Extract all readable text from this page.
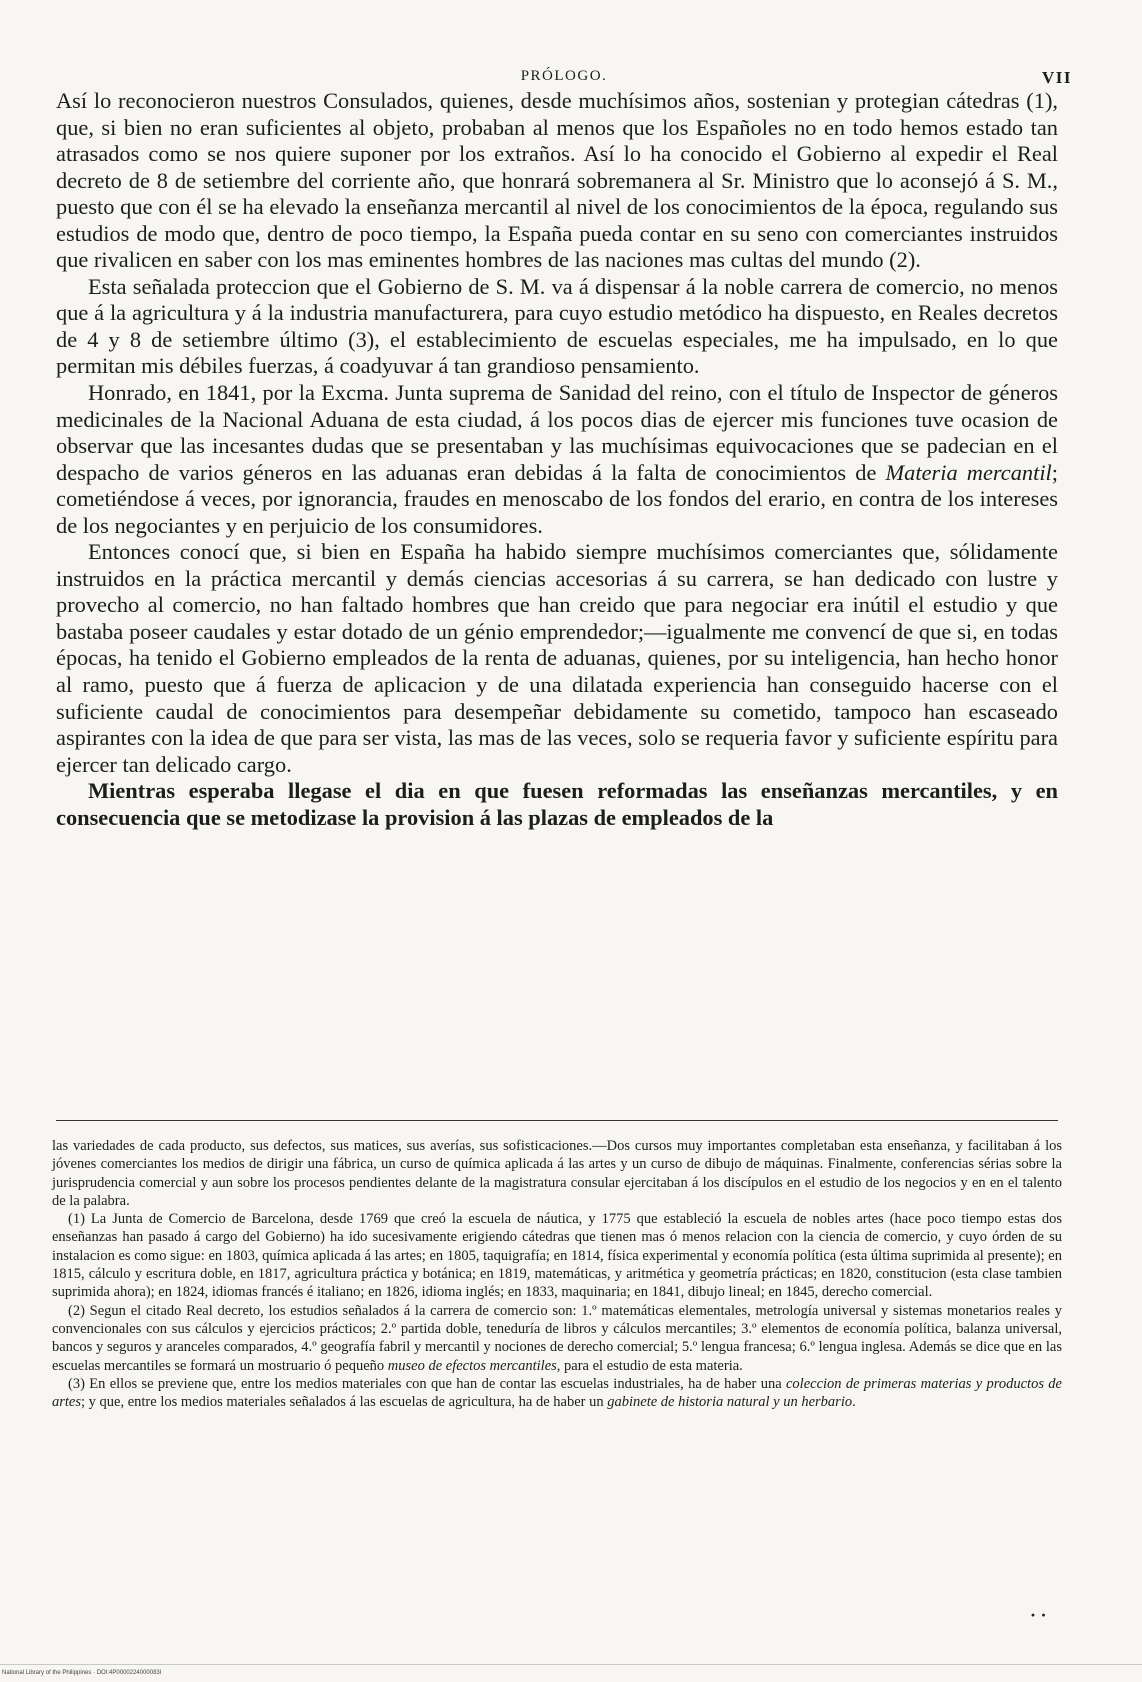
PRÓLOGO.	VII

Así lo reconocieron nuestros Consulados, quienes, desde muchísimos años, sostenian y protegian cátedras (1), que, si bien no eran suficientes al objeto, probaban al menos que los Españoles no en todo hemos estado tan atrasados como se nos quiere suponer por los extraños. Así lo ha conocido el Gobierno al expedir el Real decreto de 8 de setiembre del corriente año, que honrará sobremanera al Sr. Ministro que lo aconsejó á S. M., puesto que con él se ha elevado la enseñanza mercantil al nivel de los conocimientos de la época, regulando sus estudios de modo que, dentro de poco tiempo, la España pueda contar en su seno con comerciantes instruidos que rivalicen en saber con los mas eminentes hombres de las naciones mas cultas del mundo (2).

Esta señalada proteccion que el Gobierno de S. M. va á dispensar á la noble carrera de comercio, no menos que á la agricultura y á la industria manufacturera, para cuyo estudio metódico ha dispuesto, en Reales decretos de 4 y 8 de setiembre último (3), el establecimiento de escuelas especiales, me ha impulsado, en lo que permitan mis débiles fuerzas, á coadyuvar á tan grandioso pensamiento.

Honrado, en 1841, por la Excma. Junta suprema de Sanidad del reino, con el título de Inspector de géneros medicinales de la Nacional Aduana de esta ciudad, á los pocos dias de ejercer mis funciones tuve ocasion de observar que las incesantes dudas que se presentaban y las muchísimas equivocaciones que se padecian en el despacho de varios géneros en las aduanas eran debidas á la falta de conocimientos de Materia mercantil; cometiéndose á veces, por ignorancia, fraudes en menoscabo de los fondos del erario, en contra de los intereses de los negociantes y en perjuicio de los consumidores.

Entonces conocí que, si bien en España ha habido siempre muchísimos comerciantes que, sólidamente instruidos en la práctica mercantil y demás ciencias accesorias á su carrera, se han dedicado con lustre y provecho al comercio, no han faltado hombres que han creido que para negociar era inútil el estudio y que bastaba poseer caudales y estar dotado de un génio emprendedor;—igualmente me convencí de que si, en todas épocas, ha tenido el Gobierno empleados de la renta de aduanas, quienes, por su inteligencia, han hecho honor al ramo, puesto que á fuerza de aplicacion y de una dilatada experiencia han conseguido hacerse con el suficiente caudal de conocimientos para desempeñar debidamente su cometido, tampoco han escaseado aspirantes con la idea de que para ser vista, las mas de las veces, solo se requeria favor y suficiente espíritu para ejercer tan delicado cargo.

Mientras esperaba llegase el dia en que fuesen reformadas las enseñanzas mercantiles, y en consecuencia que se metodizase la provision á las plazas de empleados de la

las variedades de cada producto, sus defectos, sus matices, sus averías, sus sofisticaciones.—Dos cursos muy importantes completaban esta enseñanza, y facilitaban á los jóvenes comerciantes los medios de dirigir una fábrica, un curso de química aplicada á las artes y un curso de dibujo de máquinas. Finalmente, conferencias sérias sobre la jurisprudencia comercial y aun sobre los procesos pendientes delante de la magistratura consular ejercitaban á los discípulos en el estudio de los negocios y en en el talento de la palabra.

(1) La Junta de Comercio de Barcelona, desde 1769 que creó la escuela de náutica, y 1775 que estableció la escuela de nobles artes (hace poco tiempo estas dos enseñanzas han pasado á cargo del Gobierno) ha ido sucesivamente erigiendo cátedras que tienen mas ó menos relacion con la ciencia de comercio, y cuyo órden de su instalacion es como sigue: en 1803, química aplicada á las artes; en 1805, taquigrafía; en 1814, física experimental y economía política (esta última suprimida al presente); en 1815, cálculo y escritura doble, en 1817, agricultura práctica y botánica; en 1819, matemáticas, y aritmética y geometría prácticas; en 1820, constitucion (esta clase tambien suprimida ahora); en 1824, idiomas francés é italiano; en 1826, idioma inglés; en 1833, maquinaria; en 1841, dibujo lineal; en 1845, derecho comercial.

(2) Segun el citado Real decreto, los estudios señalados á la carrera de comercio son: 1.º matemáticas elementales, metrología universal y sistemas monetarios reales y convencionales con sus cálculos y ejercicios prácticos; 2.º partida doble, teneduría de libros y cálculos mercantiles; 3.º elementos de economía política, balanza universal, bancos y seguros y aranceles comparados, 4.º geografía fabril y mercantil y nociones de derecho comercial; 5.º lengua francesa; 6.º lengua inglesa. Además se dice que en las escuelas mercantiles se formará un mostruario ó pequeño museo de efectos mercantiles, para el estudio de esta materia.

(3) En ellos se previene que, entre los medios materiales con que han de contar las escuelas industriales, ha de haber una coleccion de primeras materias y productos de artes; y que, entre los medios materiales señalados á las escuelas de agricultura, ha de haber un gabinete de historia natural y un herbario.

· ·
National Library of the Philippines · DOI:4P0000224000083I
